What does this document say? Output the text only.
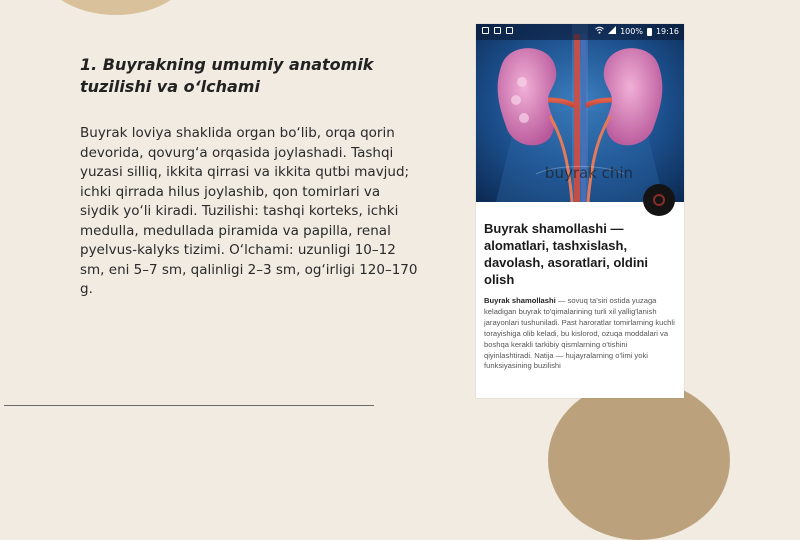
1. Buyrakning umumiy anatomik tuzilishi va o‘lchami

Buyrak loviya shaklida organ bo‘lib, orqa qorin devorida, qovurg‘a orqasida joylashadi. Tashqi yuzasi silliq, ikkita qirrasi va ikkita qutbi mavjud; ichki qirrada hilus joylashib, qon tomirlari va siydik yo‘li kiradi. Tuzilishi: tashqi korteks, ichki medulla, medullada piramida va papilla, renal pyelvus-kalyks tizimi. O‘lchami: uzunligi 10–12 sm, eni 5–7 sm, qalinligi 2–3 sm, og‘irligi 120–170 g.

100% 19:16
buyrak chin
Buyrak shamollashi — alomatlari, tashxislash, davolash, asoratlari, oldini olish

Buyrak shamollashi — sovuq ta'siri ostida yuzaga keladigan buyrak to'qimalarining turli xil yallig'lanish jarayonlari tushuniladi. Past haroratlar tomirlarning kuchli torayishiga olib keladi, bu kislorod, ozuqa moddalari va boshqa kerakli tarkibiy qismlarning o'tishini qiyinlashtiradi. Natija — hujayralarning o'limi yoki funksiyasining buzilishi
